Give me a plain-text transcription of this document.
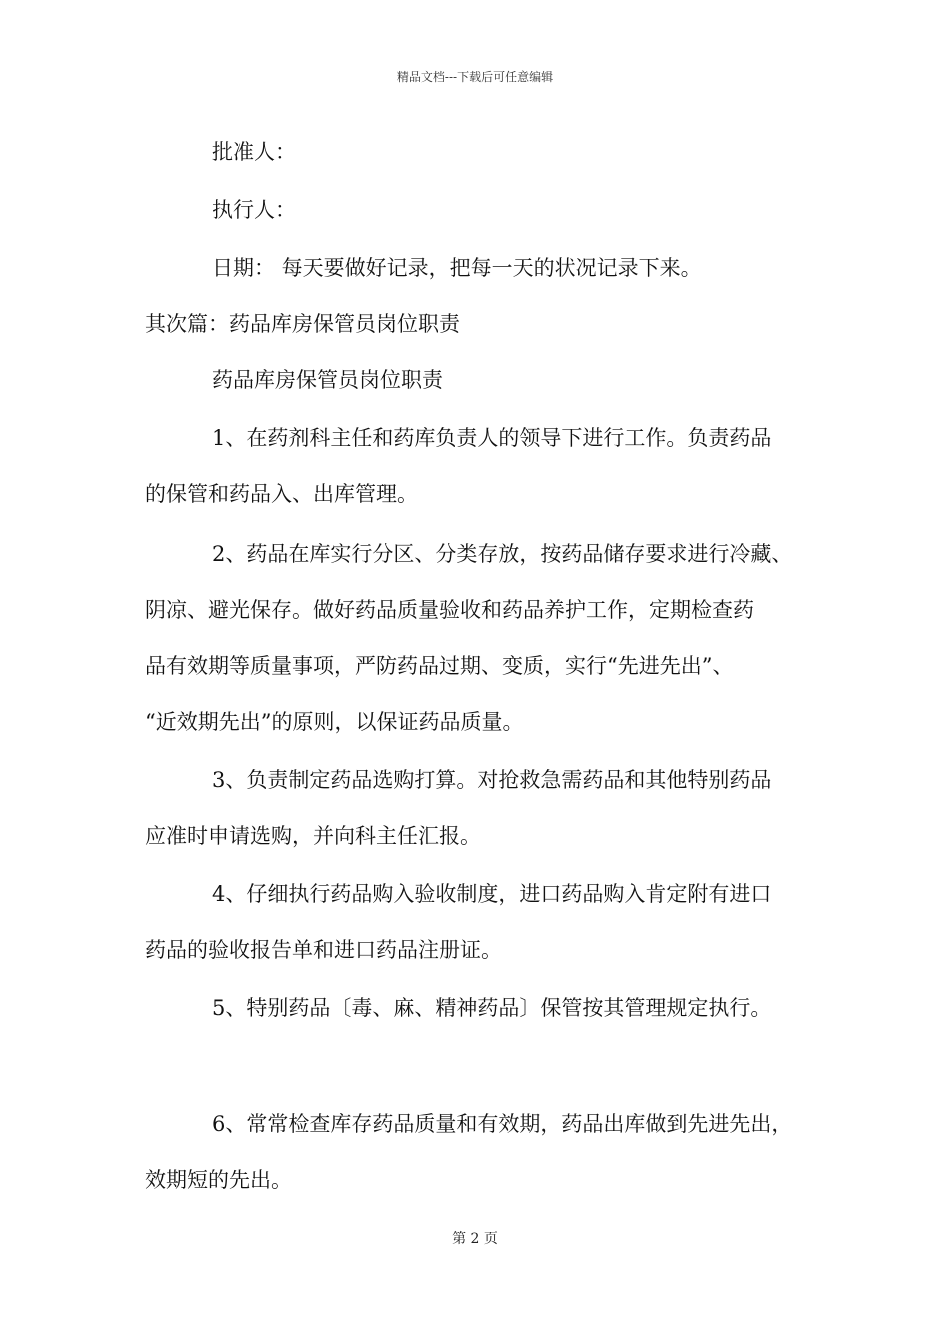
精品文档---下载后可任意编辑
批准人：
执行人：
日期： 每天要做好记录，把每一天的状况记录下来。
其次篇：药品库房保管员岗位职责
药品库房保管员岗位职责
1、在药剂科主任和药库负责人的领导下进行工作。负责药品
的保管和药品入、出库管理。
2、药品在库实行分区、分类存放，按药品储存要求进行冷藏、
阴凉、避光保存。做好药品质量验收和药品养护工作，定期检查药
品有效期等质量事项，严防药品过期、变质，实行“先进先出”、
“近效期先出”的原则，以保证药品质量。
3、负责制定药品选购打算。对抢救急需药品和其他特别药品
应准时申请选购，并向科主任汇报。
4、仔细执行药品购入验收制度，进口药品购入肯定附有进口
药品的验收报告单和进口药品注册证。
5、特别药品〔毒、麻、精神药品〕保管按其管理规定执行。
6、常常检查库存药品质量和有效期，药品出库做到先进先出，
效期短的先出。
第 2 页
